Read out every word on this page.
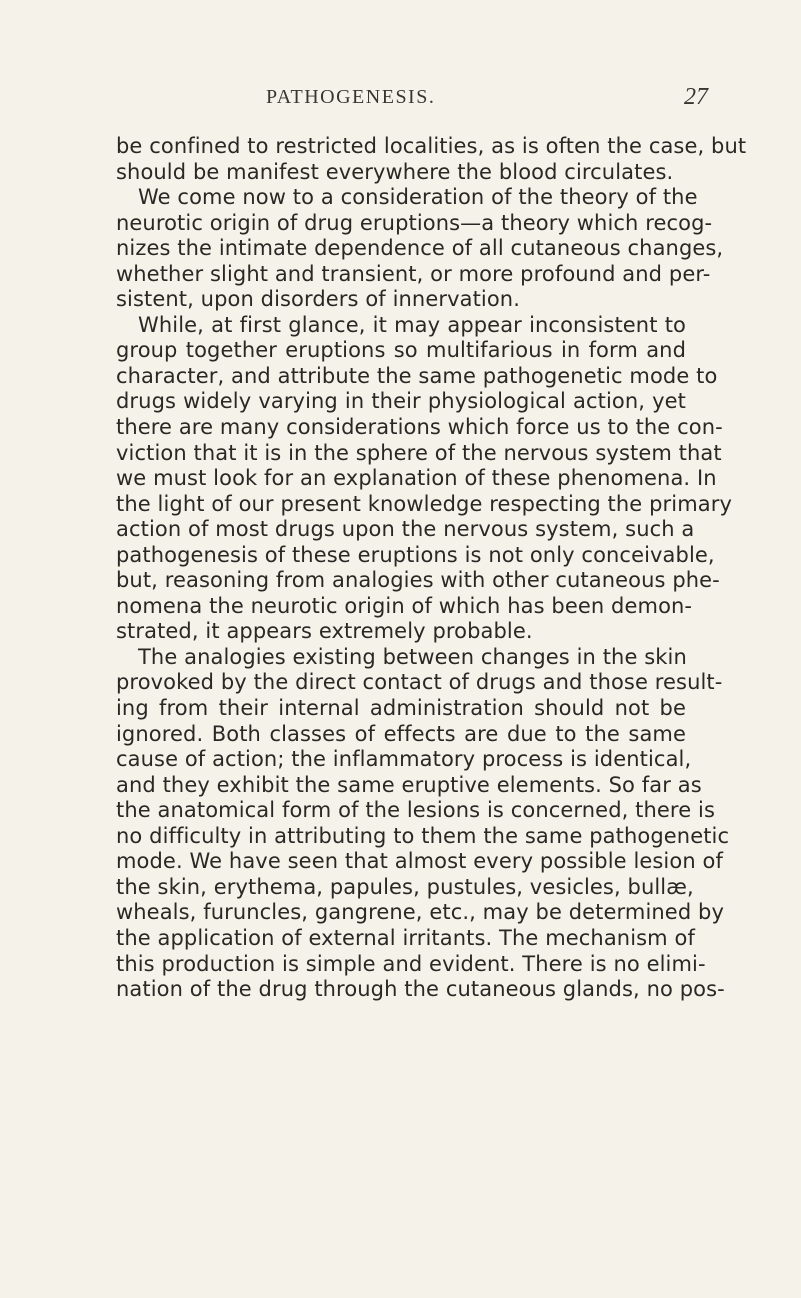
PATHOGENESIS.	27
be confined to restricted localities, as is often the case, but
should be manifest everywhere the blood circulates.
We come now to a consideration of the theory of the
neurotic origin of drug eruptions—a theory which recog-
nizes the intimate dependence of all cutaneous changes,
whether slight and transient, or more profound and per-
sistent, upon disorders of innervation.
While, at first glance, it may appear inconsistent to
group together eruptions so multifarious in form and
character, and attribute the same pathogenetic mode to
drugs widely varying in their physiological action, yet
there are many considerations which force us to the con-
viction that it is in the sphere of the nervous system that
we must look for an explanation of these phenomena. In
the light of our present knowledge respecting the primary
action of most drugs upon the nervous system, such a
pathogenesis of these eruptions is not only conceivable,
but, reasoning from analogies with other cutaneous phe-
nomena the neurotic origin of which has been demon-
strated, it appears extremely probable.
The analogies existing between changes in the skin
provoked by the direct contact of drugs and those result-
ing from their internal administration should not be
ignored. Both classes of effects are due to the same
cause of action; the inflammatory process is identical,
and they exhibit the same eruptive elements. So far as
the anatomical form of the lesions is concerned, there is
no difficulty in attributing to them the same pathogenetic
mode. We have seen that almost every possible lesion of
the skin, erythema, papules, pustules, vesicles, bullæ,
wheals, furuncles, gangrene, etc., may be determined by
the application of external irritants. The mechanism of
this production is simple and evident. There is no elimi-
nation of the drug through the cutaneous glands, no pos-
